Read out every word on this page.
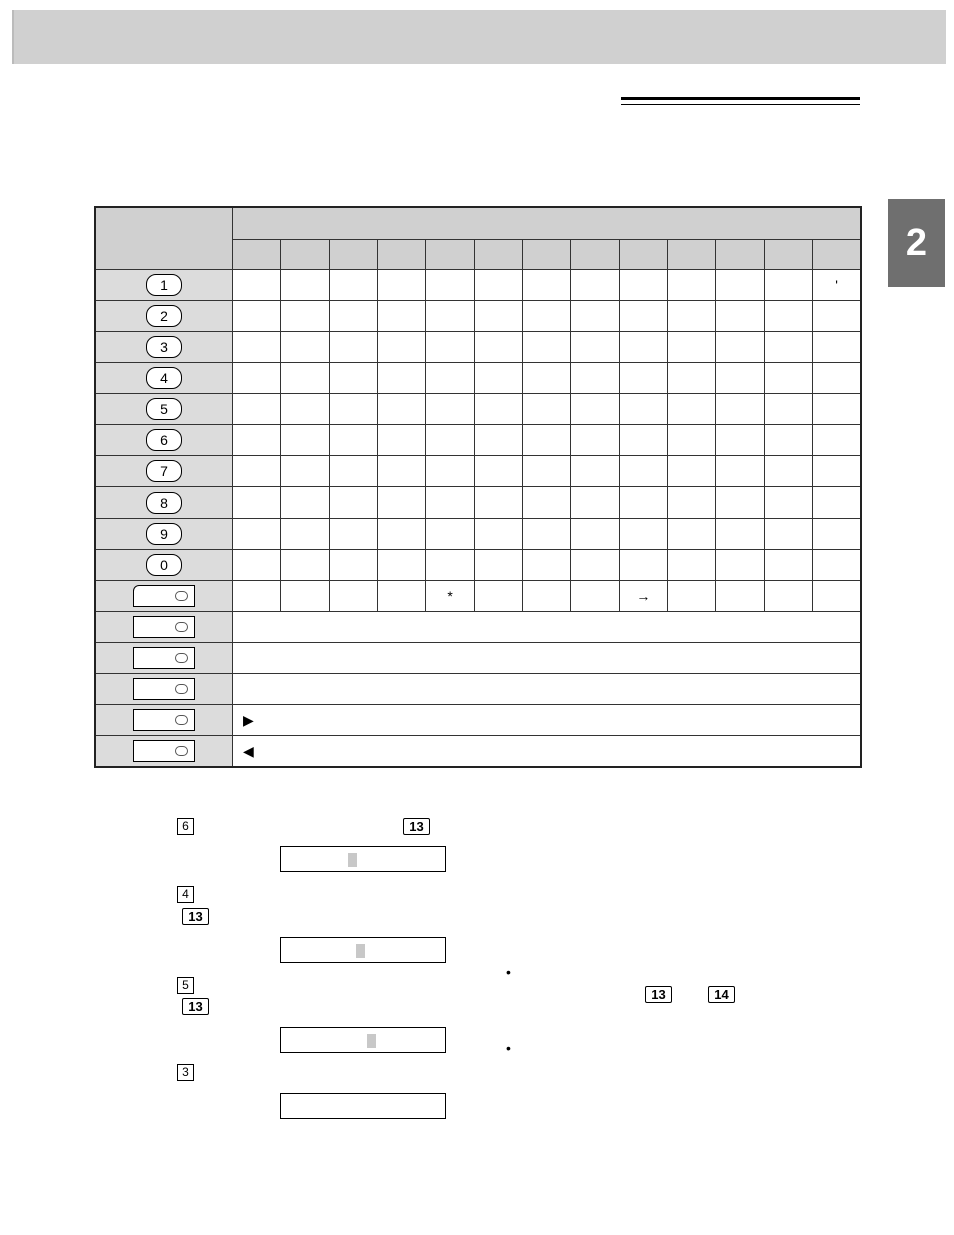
2

1													'
2													
3													
4													
5													
6													
7													
8													
9													
0													

					*				→				

	▶												

	◀												
6	13
4
13
5
13
3
•
13	14
•
